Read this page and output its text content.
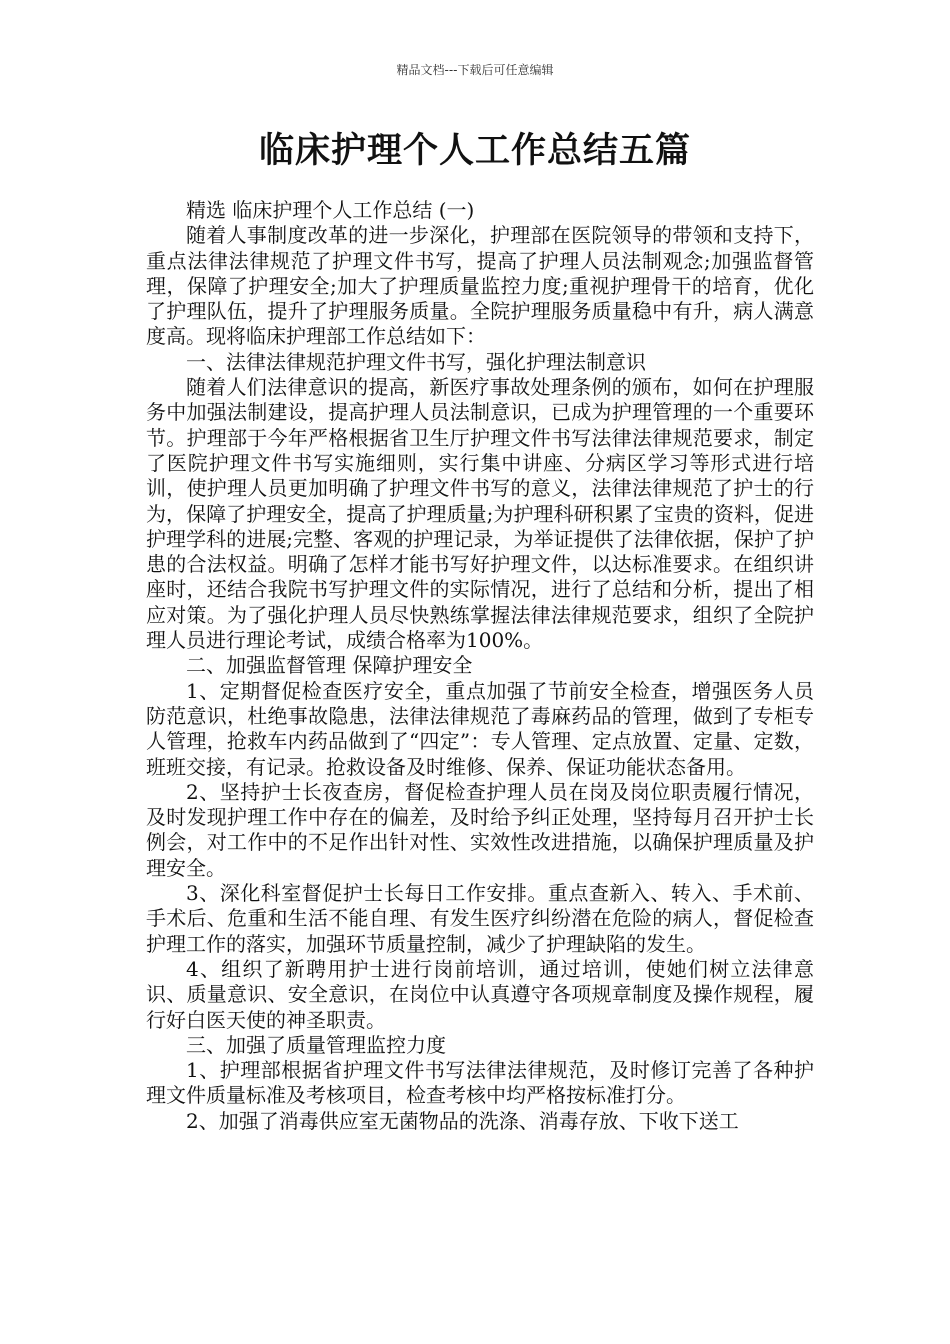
精品文档---下载后可任意编辑
临床护理个人工作总结五篇

精选 临床护理个人工作总结 (一)

随着人事制度改革的进一步深化，护理部在医院领导的带领和支持下，重点法律法律规范了护理文件书写，提高了护理人员法制观念;加强监督管理，保障了护理安全;加大了护理质量监控力度;重视护理骨干的培育，优化了护理队伍，提升了护理服务质量。全院护理服务质量稳中有升，病人满意度高。现将临床护理部工作总结如下：

一、法律法律规范护理文件书写，强化护理法制意识

随着人们法律意识的提高，新医疗事故处理条例的颁布，如何在护理服务中加强法制建设，提高护理人员法制意识，已成为护理管理的一个重要环节。护理部于今年严格根据省卫生厅护理文件书写法律法律规范要求，制定了医院护理文件书写实施细则，实行集中讲座、分病区学习等形式进行培训，使护理人员更加明确了护理文件书写的意义，法律法律规范了护士的行为，保障了护理安全，提高了护理质量;为护理科研积累了宝贵的资料，促进护理学科的进展;完整、客观的护理记录，为举证提供了法律依据，保护了护患的合法权益。明确了怎样才能书写好护理文件，以达标准要求。在组织讲座时，还结合我院书写护理文件的实际情况，进行了总结和分析，提出了相应对策。为了强化护理人员尽快熟练掌握法律法律规范要求，组织了全院护理人员进行理论考试，成绩合格率为100%。

二、加强监督管理 保障护理安全

1、定期督促检查医疗安全，重点加强了节前安全检查，增强医务人员防范意识，杜绝事故隐患，法律法律规范了毒麻药品的管理，做到了专柜专人管理，抢救车内药品做到了“四定”：专人管理、定点放置、定量、定数，班班交接，有记录。抢救设备及时维修、保养、保证功能状态备用。

2、坚持护士长夜查房，督促检查护理人员在岗及岗位职责履行情况，及时发现护理工作中存在的偏差，及时给予纠正处理，坚持每月召开护士长例会，对工作中的不足作出针对性、实效性改进措施，以确保护理质量及护理安全。

3、深化科室督促护士长每日工作安排。重点查新入、转入、手术前、手术后、危重和生活不能自理、有发生医疗纠纷潜在危险的病人，督促检查护理工作的落实，加强环节质量控制，减少了护理缺陷的发生。

4、组织了新聘用护士进行岗前培训，通过培训，使她们树立法律意识、质量意识、安全意识，在岗位中认真遵守各项规章制度及操作规程，履行好白医天使的神圣职责。

三、加强了质量管理监控力度

1、护理部根据省护理文件书写法律法律规范，及时修订完善了各种护理文件质量标准及考核项目，检查考核中均严格按标准打分。

2、加强了消毒供应室无菌物品的洗涤、消毒存放、下收下送工
